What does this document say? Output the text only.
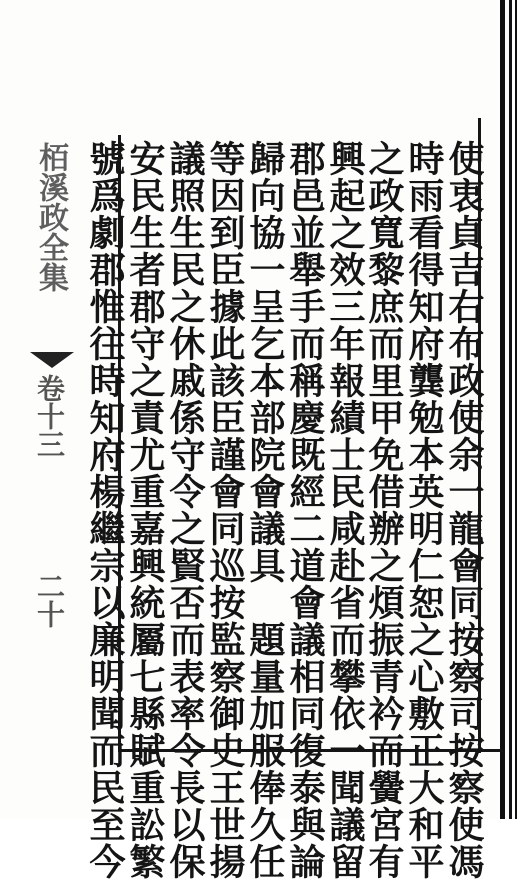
使衷貞吉右布政使余一龍會同按察司按察使馮
時雨看得知府龔勉本英明仁恕之心敷正大和平
之政寬黎庶而里甲免借辦之煩振青衿而黌宮有
興起之效三年報績士民咸赴省而攀依一聞議留
郡邑並舉手而稱慶既經二道會議相同復泰與論
歸向協一呈乞本部院會議具　題量加服俸久任
等因到臣據此該臣謹會同巡按監察御史王世揚
議照生民之休戚係守令之賢否而表率令長以保
安民生者郡守之責尤重嘉興統屬七縣賦重訟繁
號爲劇郡惟往時知府楊繼宗以廉明聞而民至今
栢溪政全集
卷十三
二十
